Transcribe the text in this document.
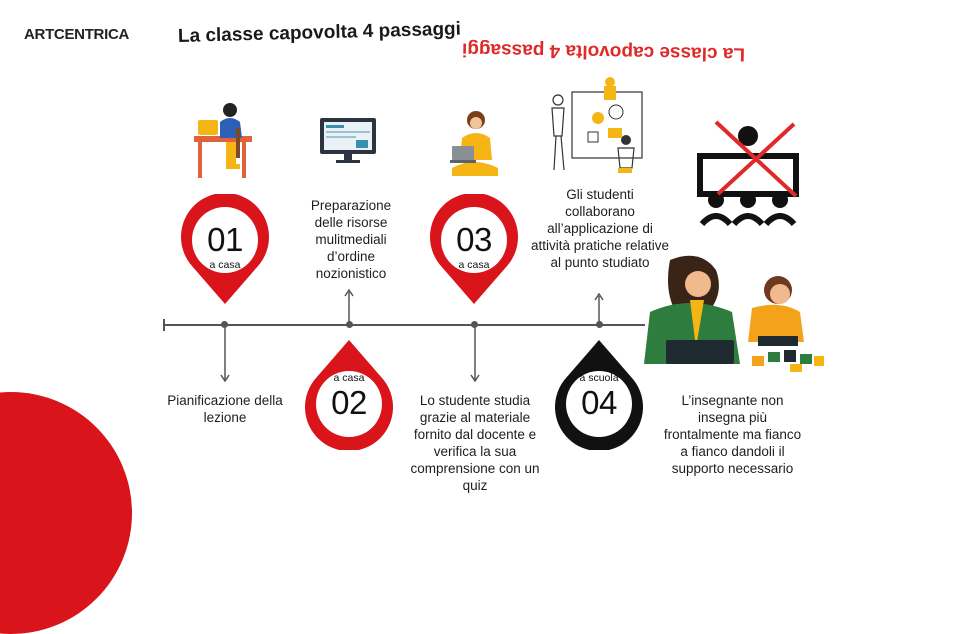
ARTCENTRICA	La classe capovolta 4 passaggi
La classe capovolta 4 passaggi
01
a casa
03
a casa
a casa
02
a scuola
04
Pianificazione della lezione
Preparazione delle risorse mulitmediali d’ordine nozionistico
Lo studente studia grazie al materiale fornito dal docente e verifica la sua comprensione con un quiz
Gli studenti collaborano all’applicazione di attività pratiche relative al punto studiato
L’insegnante non insegna più frontalmente ma fianco a fianco dandoli il supporto necessario
